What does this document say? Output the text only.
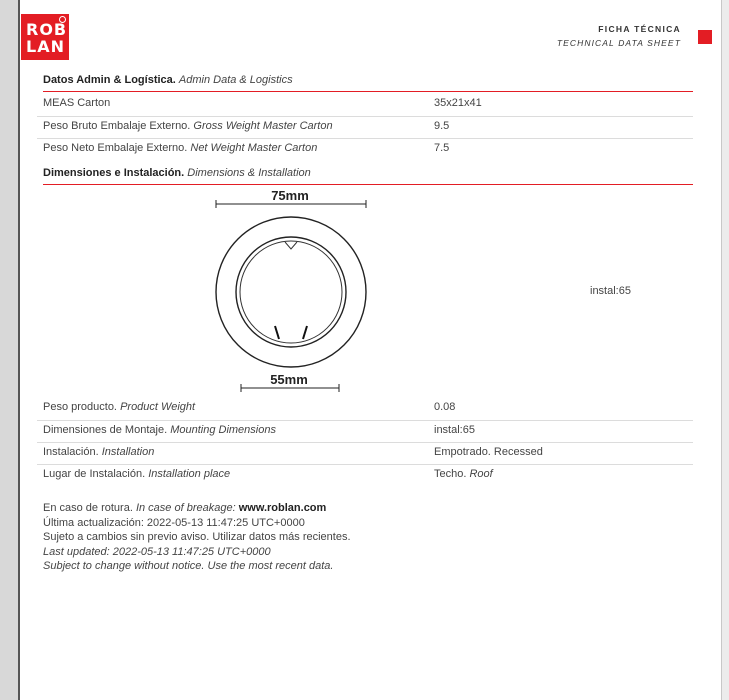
ROB
LAN
FICHA TÉCNICA
TECHNICAL DATA SHEET
Datos Admin & Logística. Admin Data & Logistics
MEAS Carton	35x21x41
Peso Bruto Embalaje Externo. Gross Weight Master Carton	9.5
Peso Neto Embalaje Externo. Net Weight Master Carton	7.5
Dimensiones e Instalación. Dimensions & Installation
75mm
55mm
instal:65
Peso producto. Product Weight	0.08
Dimensiones de Montaje. Mounting Dimensions	instal:65
Instalación. Installation	Empotrado. Recessed
Lugar de Instalación. Installation place	Techo. Roof
En caso de rotura. In case of breakage: www.roblan.com
Última actualización: 2022-05-13 11:47:25 UTC+0000
Sujeto a cambios sin previo aviso. Utilizar datos más recientes.
Last updated: 2022-05-13 11:47:25 UTC+0000
Subject to change without notice. Use the most recent data.
